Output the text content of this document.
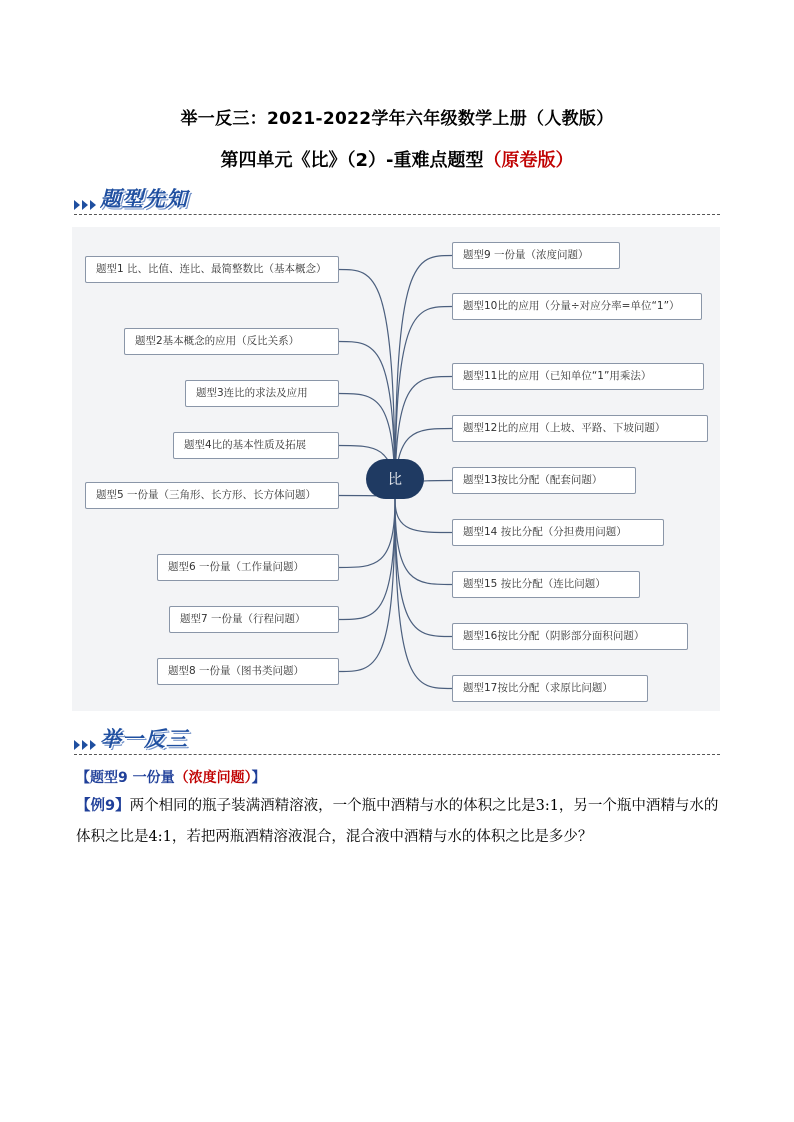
举一反三：2021-2022学年六年级数学上册（人教版）
第四单元《比》（2）-重难点题型（原卷版）
题型先知
题型1 比、比值、连比、最简整数比（基本概念）
题型2基本概念的应用（反比关系）
题型3连比的求法及应用
题型4比的基本性质及拓展
题型5 一份量（三角形、长方形、长方体问题）
题型6 一份量（工作量问题）
题型7 一份量（行程问题）
题型8 一份量（图书类问题）
比
题型9 一份量（浓度问题）
题型10比的应用（分量÷对应分率=单位“1”）
题型11比的应用（已知单位“1”用乘法）
题型12比的应用（上坡、平路、下坡问题）
题型13按比分配（配套问题）
题型14 按比分配（分担费用问题）
题型15 按比分配（连比问题）
题型16按比分配（阴影部分面积问题）
题型17按比分配（求原比问题）
举一反三
【题型9 一份量（浓度问题）】
【例9】两个相同的瓶子装满酒精溶液，一个瓶中酒精与水的体积之比是3:1，另一个瓶中酒精与水的体积之比是4:1，若把两瓶酒精溶液混合，混合液中酒精与水的体积之比是多少？
